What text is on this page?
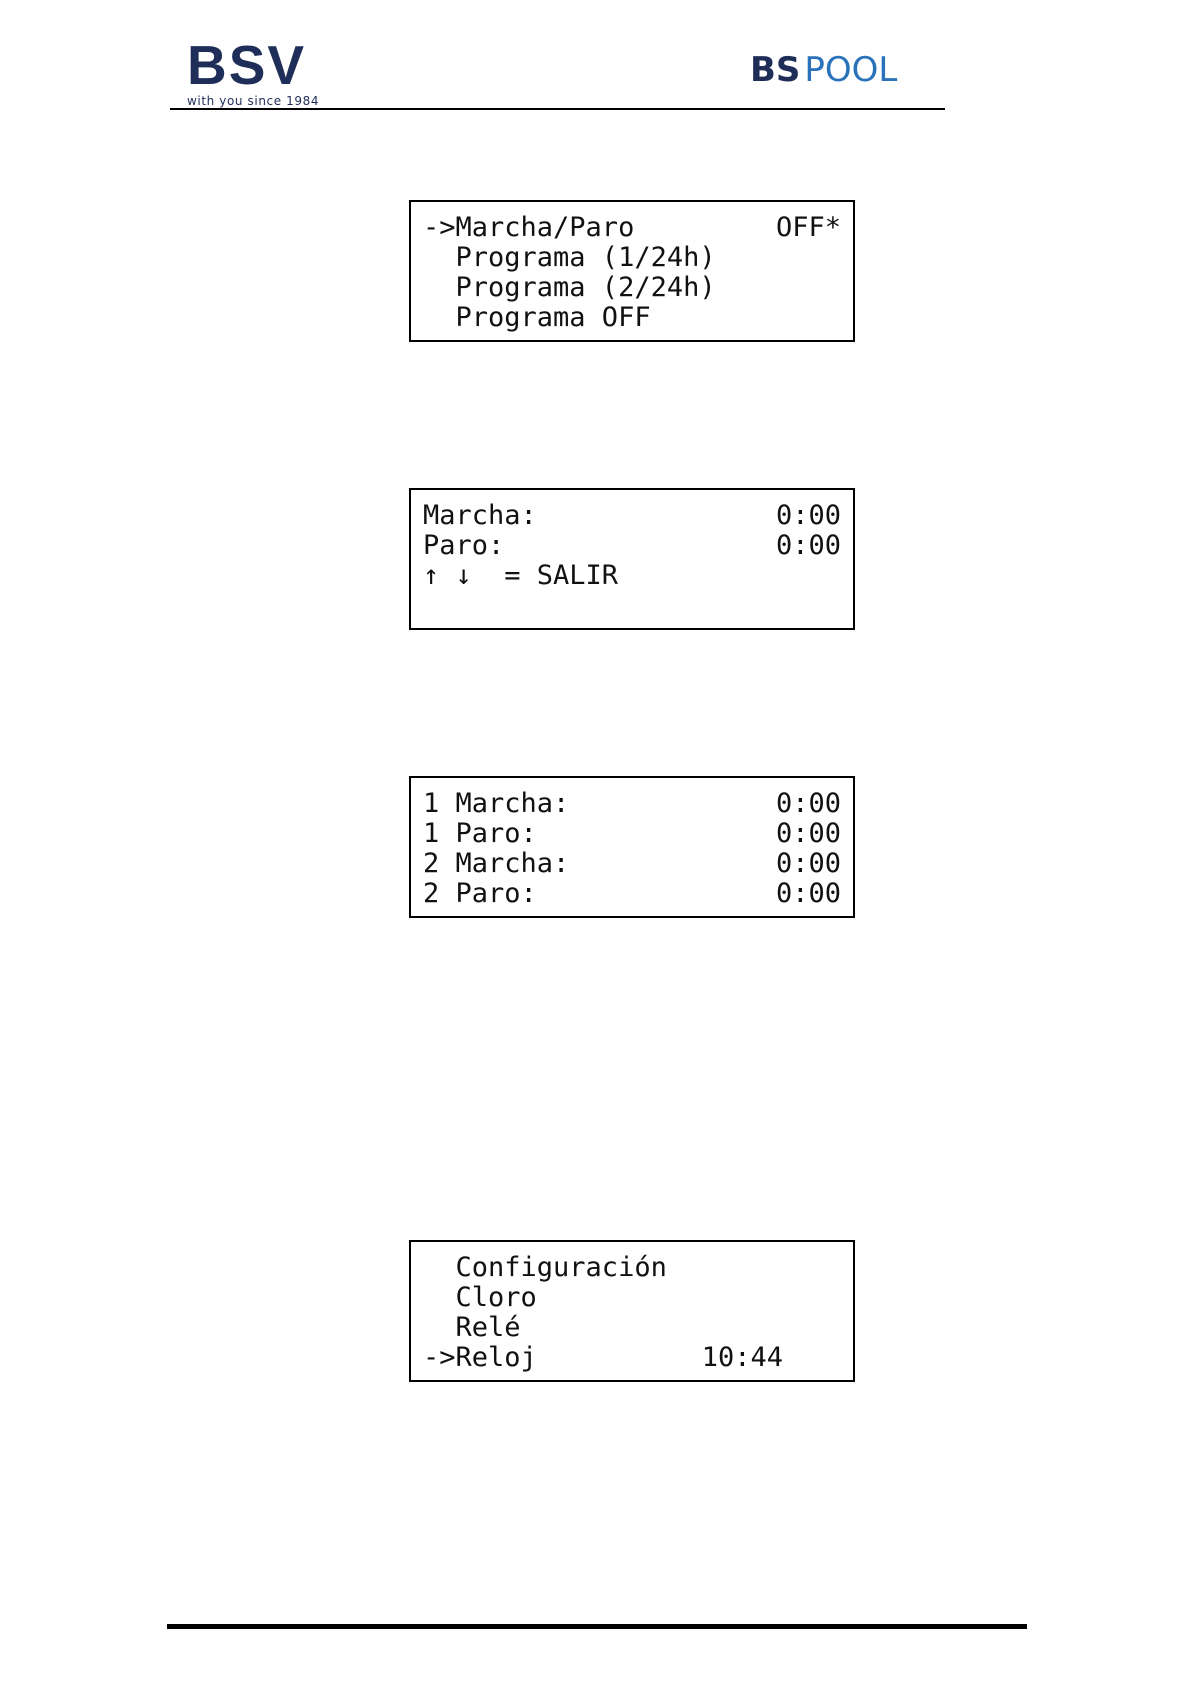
BSV
with you since 1984
BS POOL
->Marcha/Paro	OFF*
Programa (1/24h)
Programa (2/24h)
Programa OFF
Marcha:	0:00
Paro:	0:00
↑ ↓  = SALIR
1 Marcha:	0:00
1 Paro:	0:00
2 Marcha:	0:00
2 Paro:	0:00
Configuración
Cloro
Relé
->Reloj	10:44
